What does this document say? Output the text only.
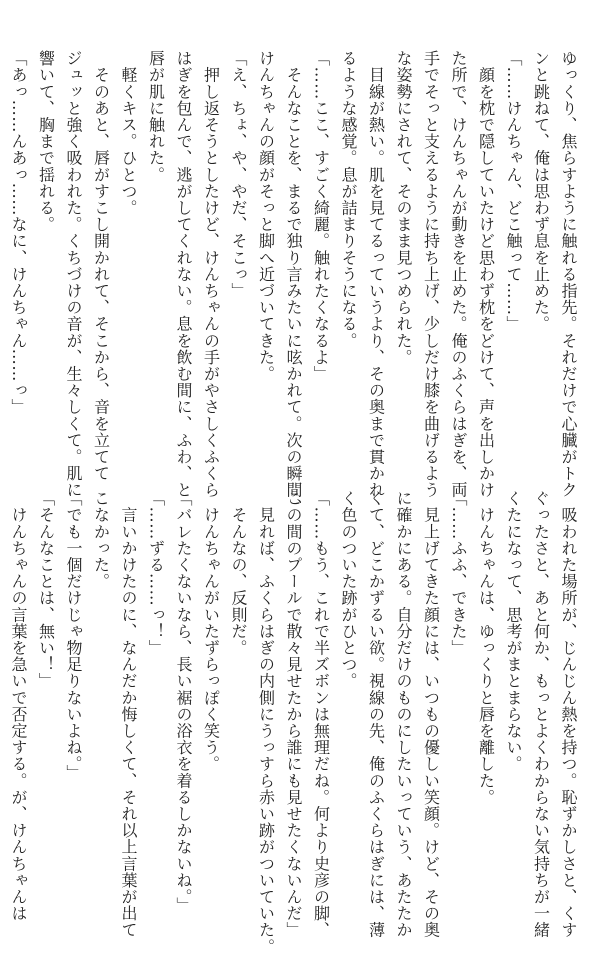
ゆっくり、焦らすように触れる指先。それだけで心臓がトク
ンと跳ねて、俺は思わず息を止めた。
「……けんちゃん、どこ触って……」
　顔を枕で隠していたけど思わず枕をどけて、声を出しかけ
た所で、けんちゃんが動きを止めた。俺のふくらはぎを、両
手でそっと支えるように持ち上げ、少しだけ膝を曲げるよう
な姿勢にされて、そのまま見つめられた。
　目線が熱い。肌を見てるっていうより、その奥まで貫かれ
るような感覚。息が詰まりそうになる。
「……ここ、すごく綺麗。触れたくなるよ」
　そんなことを、まるで独り言みたいに呟かれて。次の瞬間、
けんちゃんの顔がそっと脚へ近づいてきた。
「え、ちょ、や、やだ、そこっ」
　押し返そうとしたけど、けんちゃんの手がやさしくふくら
はぎを包んで、逃がしてくれない。息を飲む間に、ふわ、と
唇が肌に触れた。
　軽くキス。ひとつ。
　そのあと、唇がすこし開かれて、そこから、音を立てて
ジュッと強く吸われた。くちづけの音が、生々しくて。肌に
響いて、胸まで揺れる。
「あっ……んあっ……なに、けんちゃん……っ」
　吸われた場所が、じんじん熱を持つ。恥ずかしさと、くす
ぐったさと、あと何か、もっとよくわからない気持ちが一緒
くたになって、思考がまとまらない。
　けんちゃんは、ゆっくりと唇を離した。
「……ふふ、できた」
　見上げてきた顔には、いつもの優しい笑顔。けど、その奥
に確かにある。自分だけのものにしたいっていう、あたたか
くて、どこかずるい欲。視線の先、俺のふくらはぎには、薄
く色のついた跡がひとつ。
「……もう、これで半ズボンは無理だね。何より史彦の脚、
この間のプールで散々見せたから誰にも見せたくないんだ」
　見れば、ふくらはぎの内側にうっすら赤い跡がついていた。
　そんなの、反則だ。
　けんちゃんがいたずらっぽく笑う。
「バレたくないなら、長い裾の浴衣を着るしかないね。」
「……ずる……っ！」
　言いかけたのに、なんだか悔しくて、それ以上言葉が出て
こなかった。
「でも一個だけじゃ物足りないよね。」
「そんなことは、無い！」
　けんちゃんの言葉を急いで否定する。が、けんちゃんは
